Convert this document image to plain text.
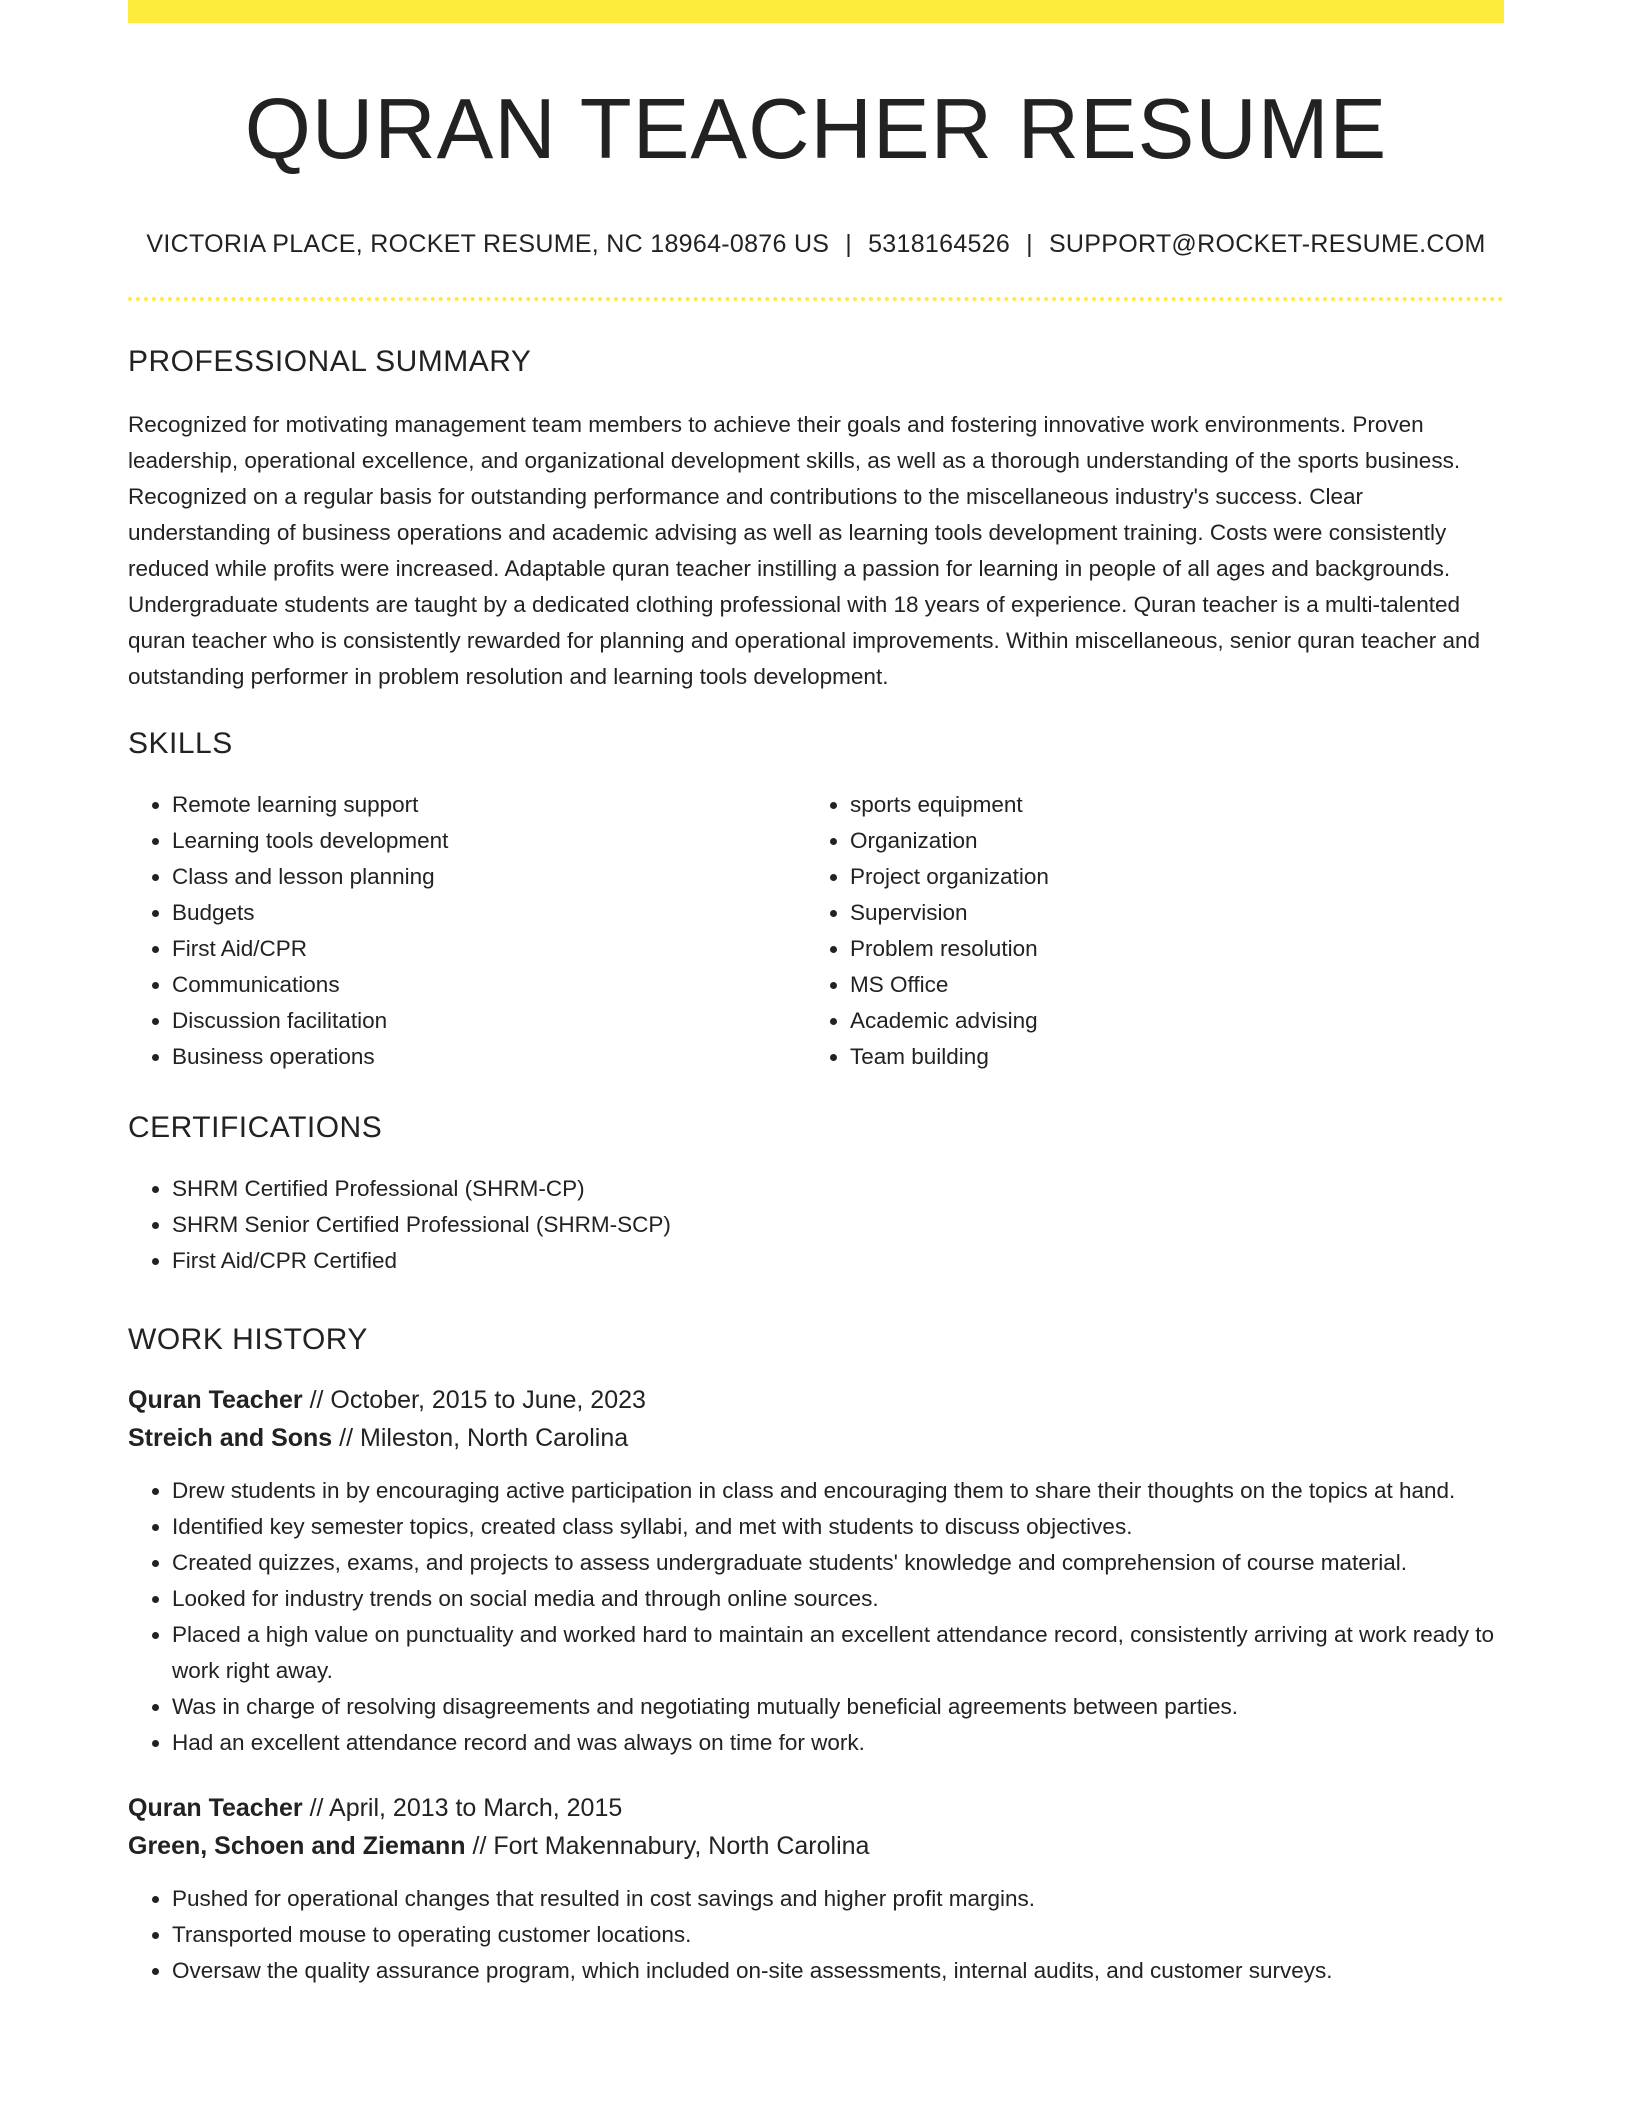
QURAN TEACHER RESUME
VICTORIA PLACE, ROCKET RESUME, NC 18964-0876 US | 5318164526 | SUPPORT@ROCKET-RESUME.COM
PROFESSIONAL SUMMARY

Recognized for motivating management team members to achieve their goals and fostering innovative work environments. Proven leadership, operational excellence, and organizational development skills, as well as a thorough understanding of the sports business. Recognized on a regular basis for outstanding performance and contributions to the miscellaneous industry's success. Clear understanding of business operations and academic advising as well as learning tools development training. Costs were consistently reduced while profits were increased. Adaptable quran teacher instilling a passion for learning in people of all ages and backgrounds. Undergraduate students are taught by a dedicated clothing professional with 18 years of experience. Quran teacher is a multi-talented quran teacher who is consistently rewarded for planning and operational improvements. Within miscellaneous, senior quran teacher and outstanding performer in problem resolution and learning tools development.

SKILLS
• Remote learning support
• Learning tools development
• Class and lesson planning
• Budgets
• First Aid/CPR
• Communications
• Discussion facilitation
• Business operations
• sports equipment
• Organization
• Project organization
• Supervision
• Problem resolution
• MS Office
• Academic advising
• Team building
CERTIFICATIONS
• SHRM Certified Professional (SHRM-CP)
• SHRM Senior Certified Professional (SHRM-SCP)
• First Aid/CPR Certified
WORK HISTORY
Quran Teacher // October, 2015 to June, 2023
Streich and Sons // Mileston, North Carolina
• Drew students in by encouraging active participation in class and encouraging them to share their thoughts on the topics at hand.
• Identified key semester topics, created class syllabi, and met with students to discuss objectives.
• Created quizzes, exams, and projects to assess undergraduate students' knowledge and comprehension of course material.
• Looked for industry trends on social media and through online sources.
• Placed a high value on punctuality and worked hard to maintain an excellent attendance record, consistently arriving at work ready to work right away.
• Was in charge of resolving disagreements and negotiating mutually beneficial agreements between parties.
• Had an excellent attendance record and was always on time for work.
Quran Teacher // April, 2013 to March, 2015
Green, Schoen and Ziemann // Fort Makennabury, North Carolina
• Pushed for operational changes that resulted in cost savings and higher profit margins.
• Transported mouse to operating customer locations.
• Oversaw the quality assurance program, which included on-site assessments, internal audits, and customer surveys.
